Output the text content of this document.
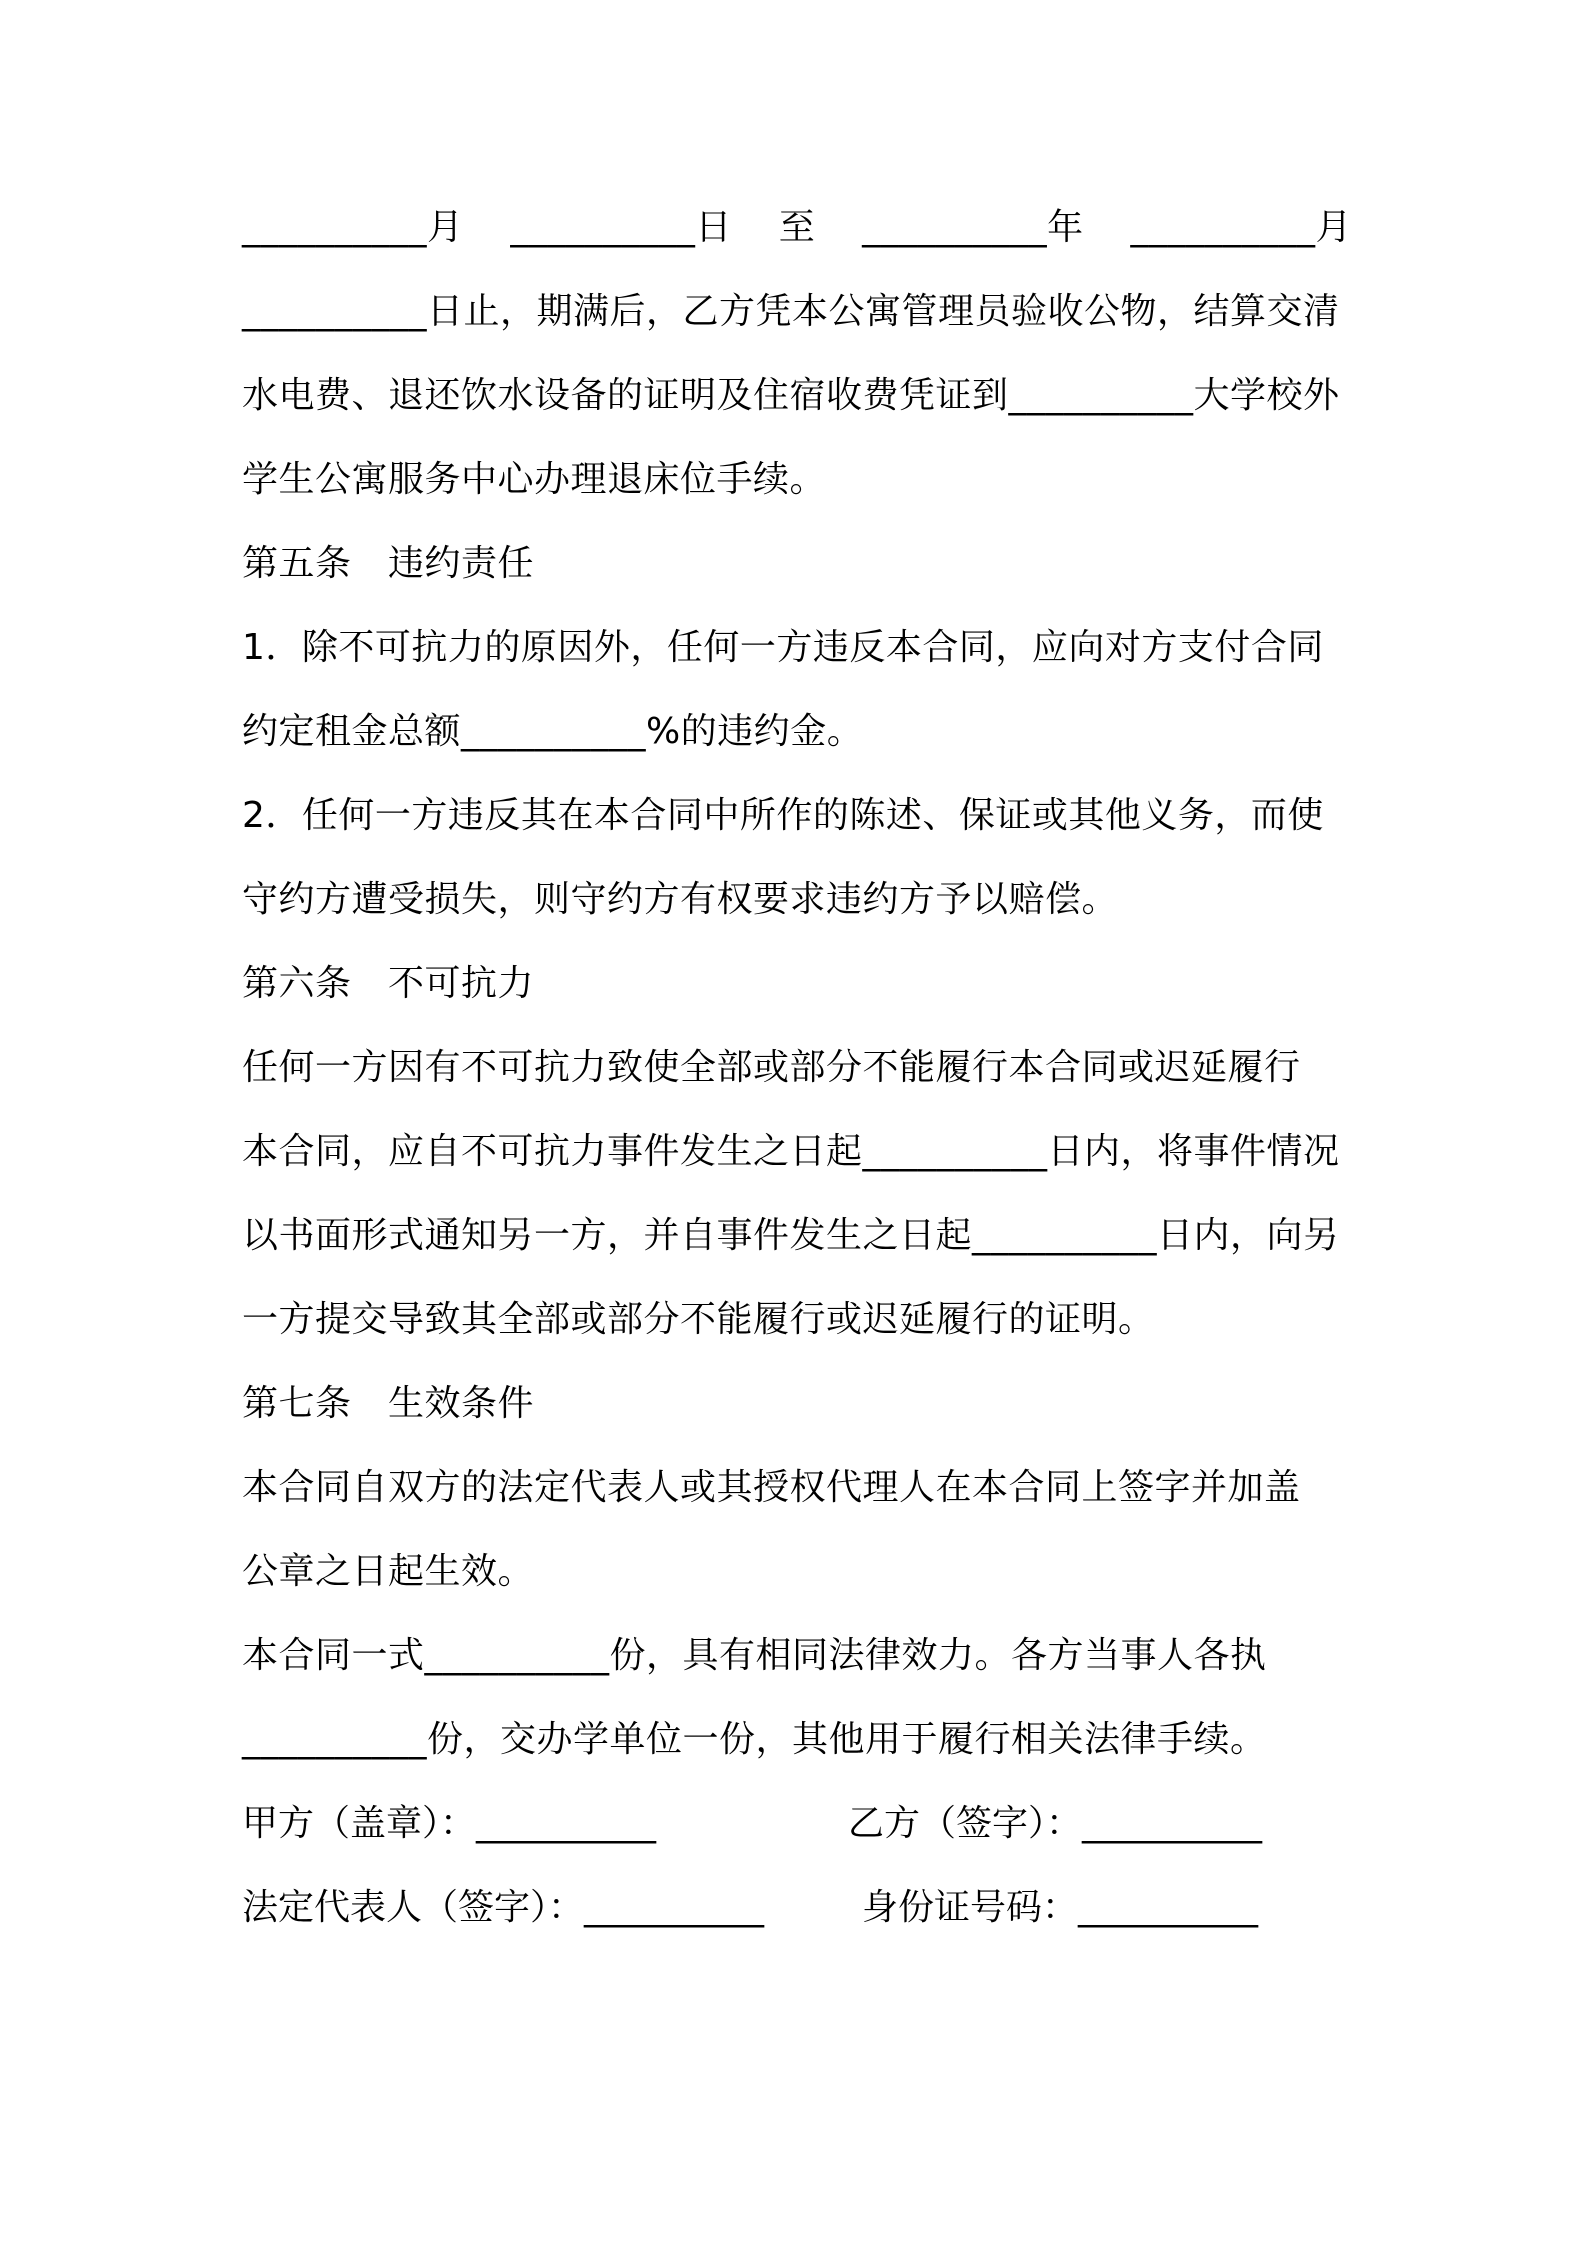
__________月 __________日 至 __________年 __________月
__________日止，期满后，乙方凭本公寓管理员验收公物，结算交清
水电费、退还饮水设备的证明及住宿收费凭证到__________大学校外
学生公寓服务中心办理退床位手续。
第五条　违约责任
1．除不可抗力的原因外，任何一方违反本合同，应向对方支付合同
约定租金总额__________%的违约金。
2．任何一方违反其在本合同中所作的陈述、保证或其他义务，而使
守约方遭受损失，则守约方有权要求违约方予以赔偿。
第六条　不可抗力
任何一方因有不可抗力致使全部或部分不能履行本合同或迟延履行
本合同，应自不可抗力事件发生之日起__________日内，将事件情况
以书面形式通知另一方，并自事件发生之日起__________日内，向另
一方提交导致其全部或部分不能履行或迟延履行的证明。
第七条　生效条件
本合同自双方的法定代表人或其授权代理人在本合同上签字并加盖
公章之日起生效。
本合同一式__________份，具有相同法律效力。各方当事人各执
__________份，交办学单位一份，其他用于履行相关法律手续。
甲方（盖章）：__________	乙方（签字）：__________
法定代表人（签字）：__________	身份证号码：__________
